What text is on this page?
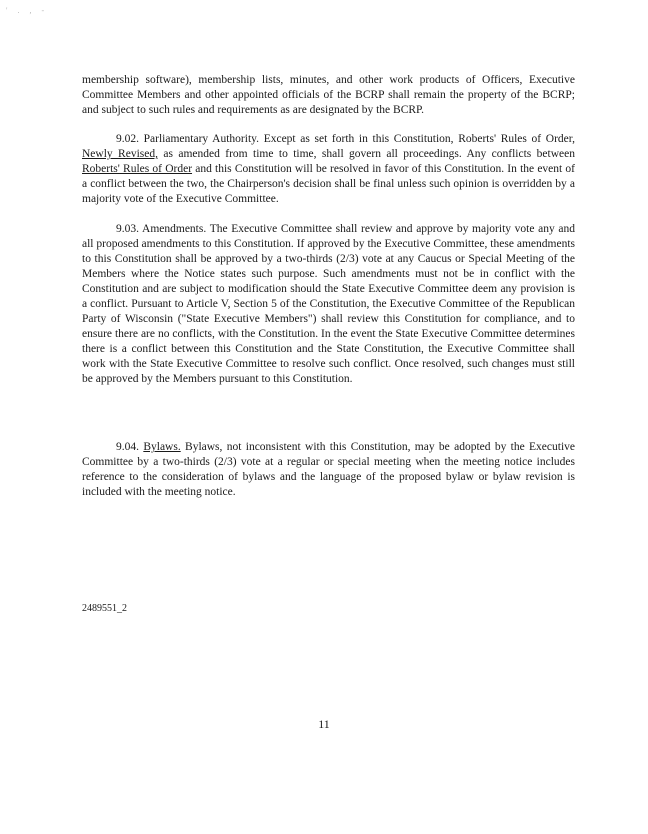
' . , -

membership software), membership lists, minutes, and other work products of Officers, Executive Committee Members and other appointed officials of the BCRP shall remain the property of the BCRP; and subject to such rules and requirements as are designated by the BCRP.

9.02. Parliamentary Authority. Except as set forth in this Constitution, Roberts' Rules of Order, Newly Revised, as amended from time to time, shall govern all proceedings. Any conflicts between Roberts' Rules of Order and this Constitution will be resolved in favor of this Constitution. In the event of a conflict between the two, the Chairperson's decision shall be final unless such opinion is overridden by a majority vote of the Executive Committee.

9.03. Amendments. The Executive Committee shall review and approve by majority vote any and all proposed amendments to this Constitution. If approved by the Executive Committee, these amendments to this Constitution shall be approved by a two-thirds (2/3) vote at any Caucus or Special Meeting of the Members where the Notice states such purpose. Such amendments must not be in conflict with the Constitution and are subject to modification should the State Executive Committee deem any provision is a conflict. Pursuant to Article V, Section 5 of the Constitution, the Executive Committee of the Republican Party of Wisconsin ("State Executive Members") shall review this Constitution for compliance, and to ensure there are no conflicts, with the Constitution. In the event the State Executive Committee determines there is a conflict between this Constitution and the State Constitution, the Executive Committee shall work with the State Executive Committee to resolve such conflict. Once resolved, such changes must still be approved by the Members pursuant to this Constitution.

9.04. Bylaws. Bylaws, not inconsistent with this Constitution, may be adopted by the Executive Committee by a two-thirds (2/3) vote at a regular or special meeting when the meeting notice includes reference to the consideration of bylaws and the language of the proposed bylaw or bylaw revision is included with the meeting notice.

2489551_2
11
